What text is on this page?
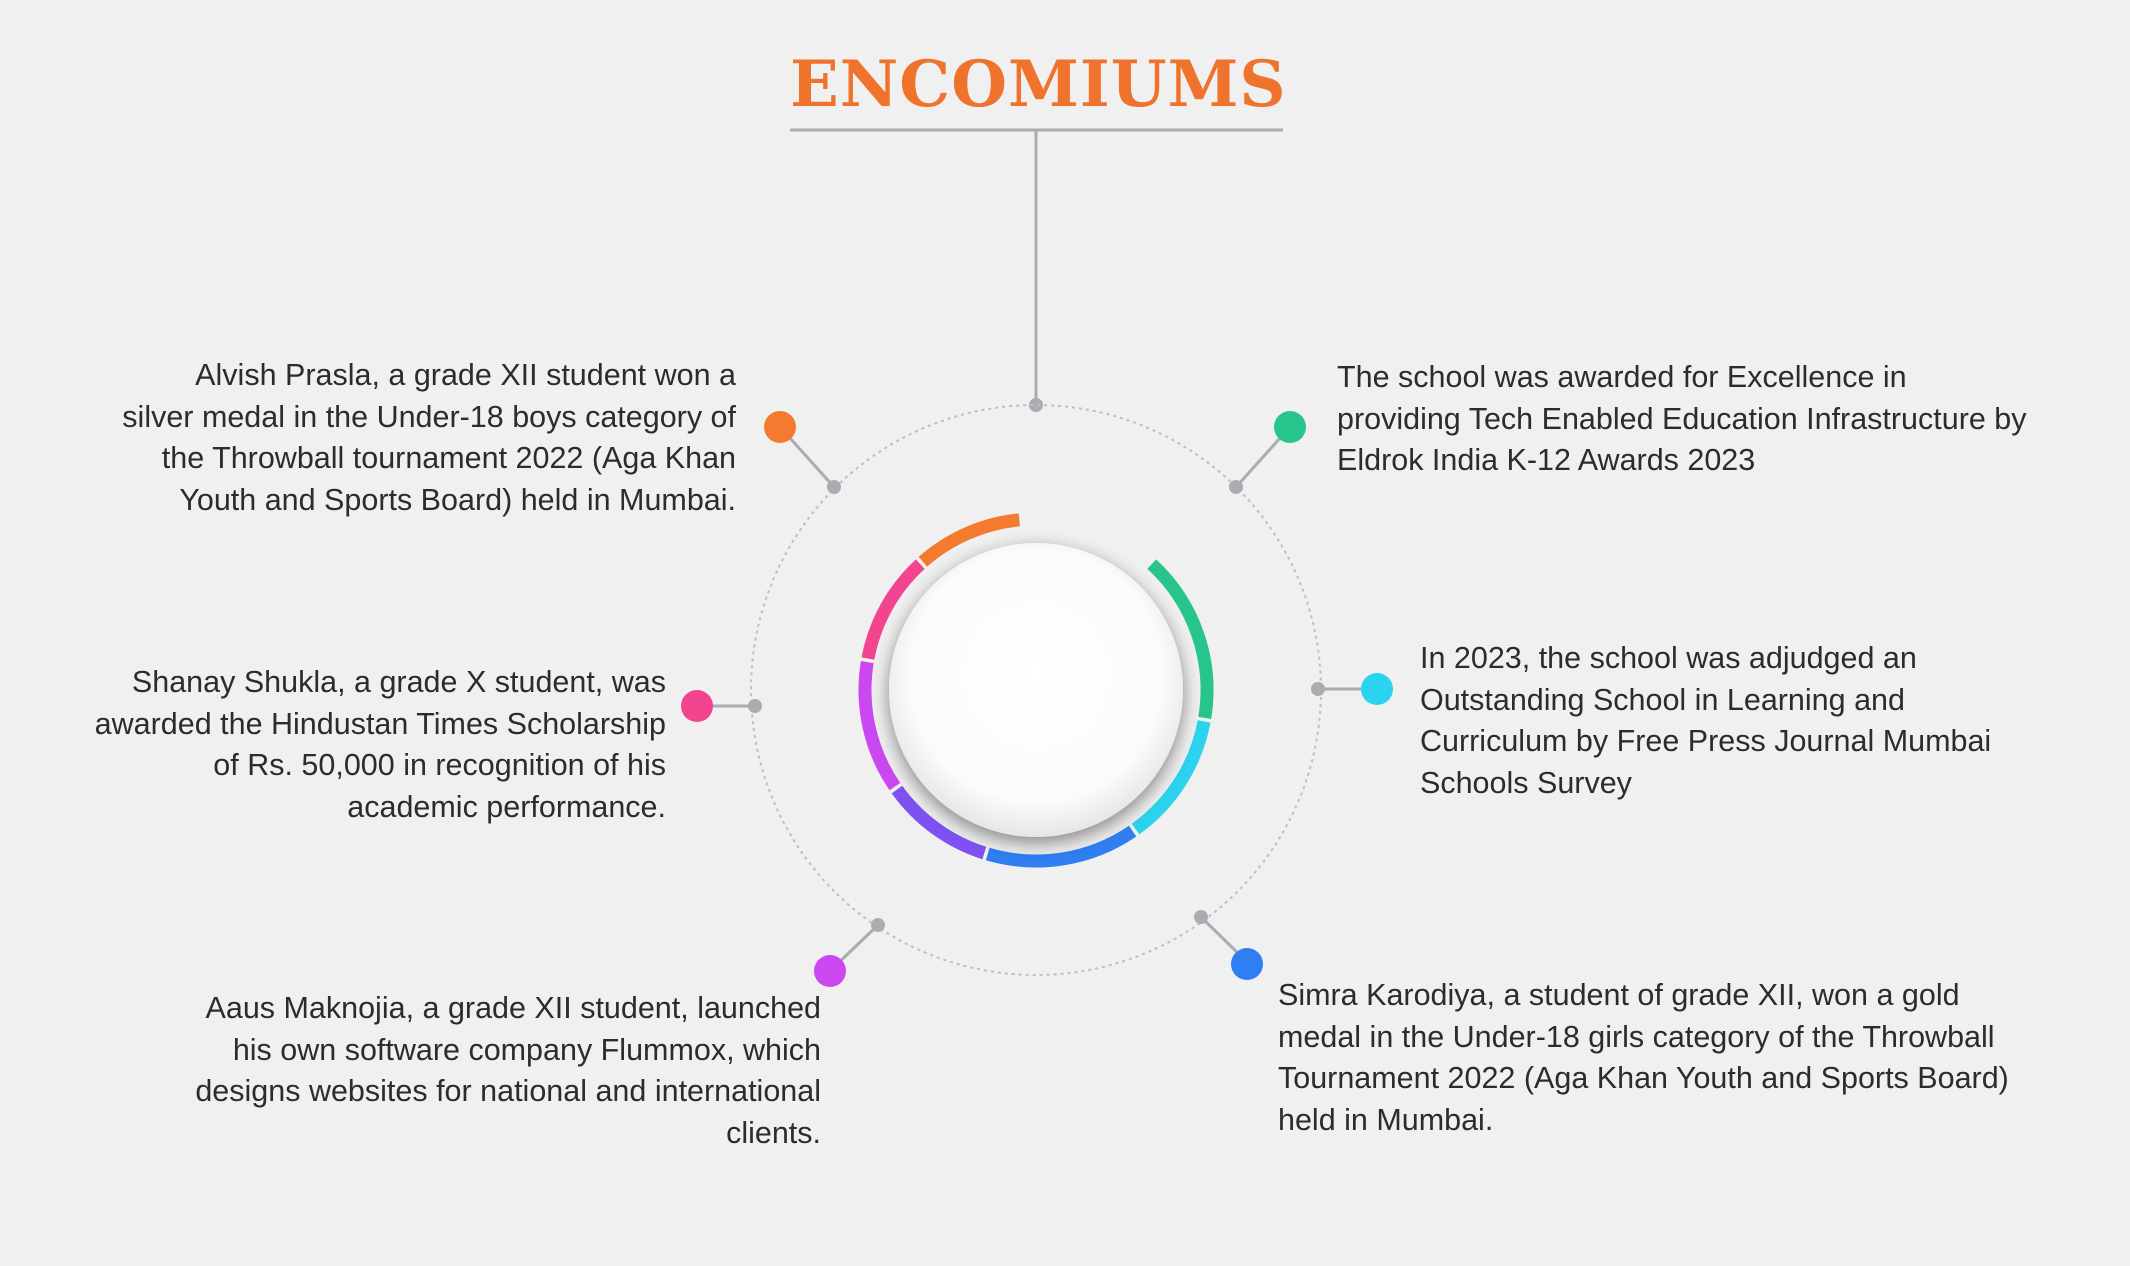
ENCOMIUMS

Alvish Prasla, a grade XII student won a silver medal in the Under-18 boys category of the Throwball tournament 2022 (Aga Khan Youth and Sports Board) held in Mumbai.

Shanay Shukla, a grade X student, was awarded the Hindustan Times Scholarship of Rs. 50,000 in recognition of his academic performance.

Aaus Maknojia, a grade XII student, launched his own software company Flummox, which designs websites for national and international clients.

The school was awarded for Excellence in providing Tech Enabled Education Infrastructure by Eldrok India K-12 Awards 2023

In 2023, the school was adjudged an Outstanding School in Learning and Curriculum by Free Press Journal Mumbai Schools Survey

Simra Karodiya, a student of grade XII, won a gold medal in the Under-18 girls category of the Throwball Tournament 2022 (Aga Khan Youth and Sports Board) held in Mumbai.
